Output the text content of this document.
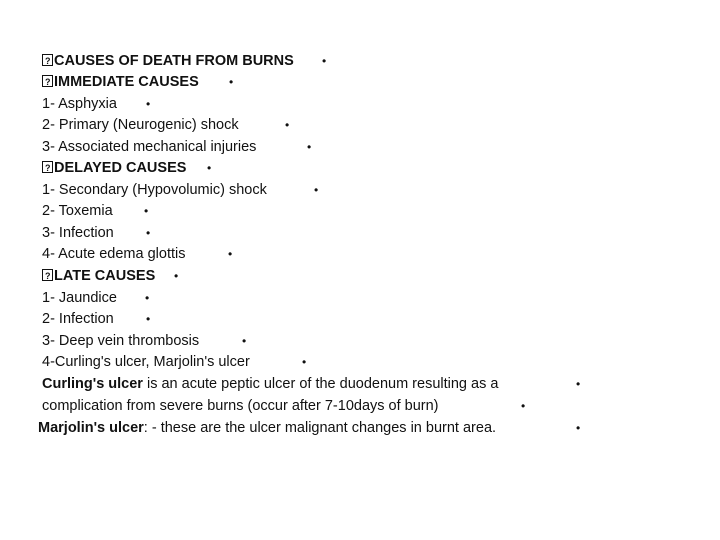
?CAUSES OF DEATH FROM BURNS •
?IMMEDIATE CAUSES	•
1- Asphyxia •
2- Primary (Neurogenic) shock	•
3- Associated mechanical injuries	•
?DELAYED CAUSES •
1- Secondary (Hypovolumic) shock	•
2- Toxemia	•
3- Infection	•
4- Acute edema glottis	•
?LATE CAUSES •
1- Jaundice •
2- Infection	•
3- Deep vein thrombosis	•
4-Curling's ulcer, Marjolin's ulcer	•
Curling's ulcer is an acute peptic ulcer of the duodenum resulting as a	•
complication from severe burns (occur after 7-10days of burn)	•
Marjolin's ulcer: - these are the ulcer malignant changes in burnt area.	•
